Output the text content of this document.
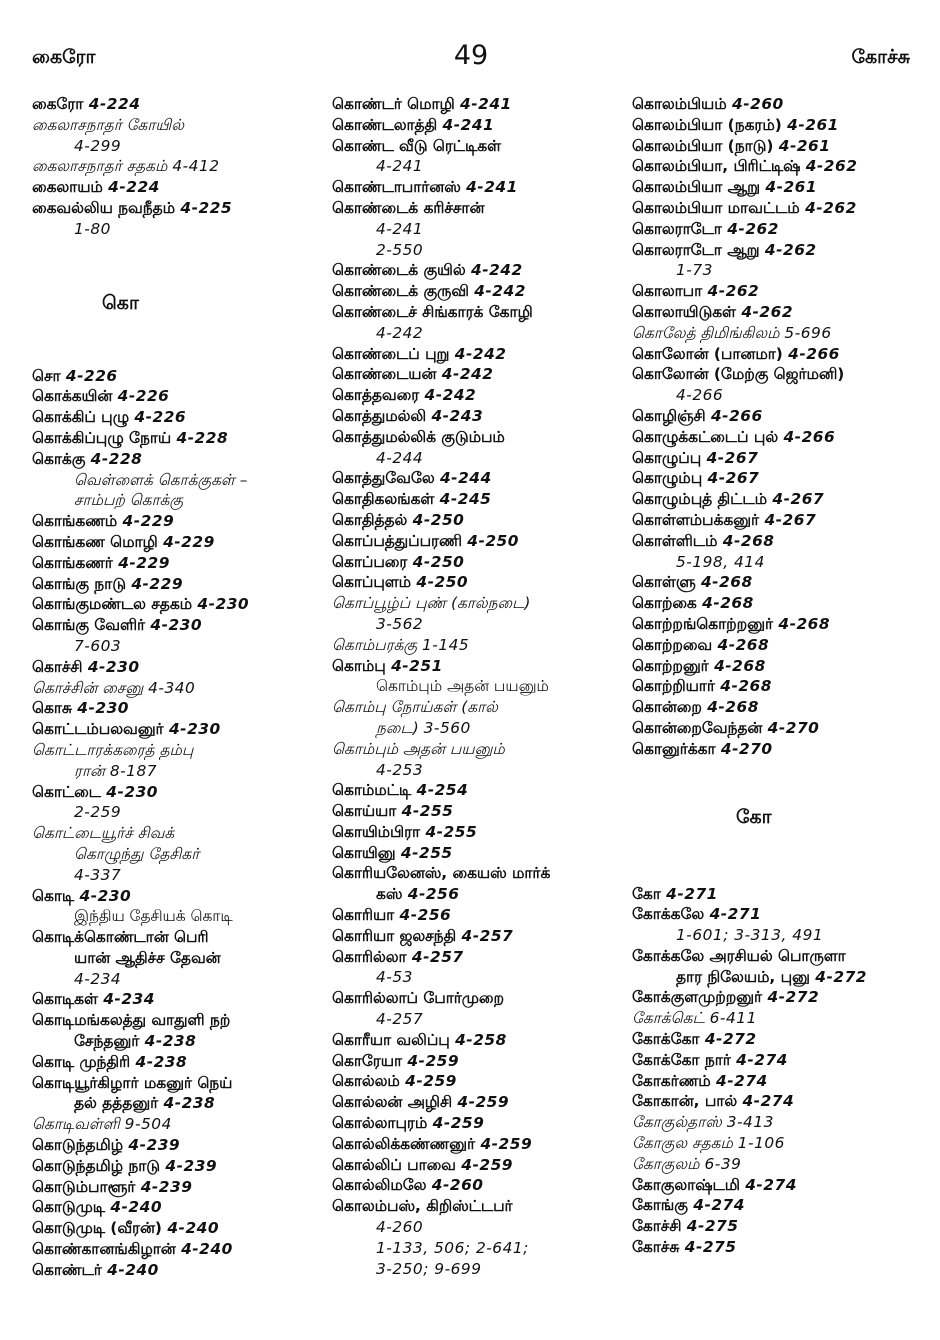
கைரோ	49	கோச்சு
கைரோ 4-224
கைலாசநாதர் கோயில்
4-299
கைலாசநாதர் சதகம் 4-412
கைலாயம் 4-224
கைவல்லிய நவநீதம் 4-225
1-80
கொ
சொ 4-226
கொக்கயின் 4-226
கொக்கிப் புழு 4-226
கொக்கிப்புழு நோய் 4-228
கொக்கு 4-228
வெள்ளைக் கொக்குகள் –
சாம்பற் கொக்கு
கொங்கணம் 4-229
கொங்கண மொழி 4-229
கொங்கணர் 4-229
கொங்கு நாடு 4-229
கொங்குமண்டல சதகம் 4-230
கொங்கு வேளிர் 4-230
7-603
கொச்சி 4-230
கொச்சின் சைனு 4-340
கொசு 4-230
கொட்டம்பலவனுர் 4-230
கொட்டாரக்கரைத் தம்பு
ரான் 8-187
கொட்டை 4-230
2-259
கொட்டையூர்ச் சிவக்
கொழுந்து தேசிகர்
4-337
கொடி 4-230
இந்திய தேசியக் கொடி
கொடிக்கொண்டான் பெரி
யான் ஆதிச்ச தேவன்
4-234
கொடிகள் 4-234
கொடிமங்கலத்து வாதுளி நற்
சேந்தனுர் 4-238
கொடி முந்திரி 4-238
கொடியூர்கிழார் மகனுர் நெய்
தல் தத்தனுர் 4-238
கொடிவள்ளி 9-504
கொடுந்தமிழ் 4-239
கொடுந்தமிழ் நாடு 4-239
கொடும்பாளூர் 4-239
கொடுமுடி 4-240
கொடுமுடி (வீரன்) 4-240
கொண்கானங்கிழான் 4-240
கொண்டர் 4-240
கொண்டர் மொழி 4-241
கொண்டலாத்தி 4-241
கொண்ட வீடு ரெட்டிகள்
4-241
கொண்டாபார்னஸ் 4-241
கொண்டைக் கரிச்சான்
4-241
2-550
கொண்டைக் குயில் 4-242
கொண்டைக் குருவி 4-242
கொண்டைச் சிங்காரக் கோழி
4-242
கொண்டைப் புறு 4-242
கொண்டையன் 4-242
கொத்தவரை 4-242
கொத்துமல்லி 4-243
கொத்துமல்லிக் குடும்பம்
4-244
கொத்துவேலே 4-244
கொதிகலங்கள் 4-245
கொதித்தல் 4-250
கொப்பத்துப்பரணி 4-250
கொப்பரை 4-250
கொப்புளம் 4-250
கொப்பூழ்ப் புண் (கால்நடை)
3-562
கொம்பரக்கு 1-145
கொம்பு 4-251
கொம்பும் அதன் பயனும்
கொம்பு நோய்கள் (கால்
நடை) 3-560
கொம்பும் அதன் பயனும்
4-253
கொம்மட்டி 4-254
கொய்யா 4-255
கொயிம்பிரா 4-255
கொயினு 4-255
கொரியலேனஸ், கையஸ் மார்க்
கஸ் 4-256
கொரியா 4-256
கொரியா ஜலசந்தி 4-257
கொரில்லா 4-257
4-53
கொரில்லாப் போர்முறை
4-257
கொரீயா வலிப்பு 4-258
கொரேயா 4-259
கொல்லம் 4-259
கொல்லன் அழிசி 4-259
கொல்லாபுரம் 4-259
கொல்லிக்கண்ணனுர் 4-259
கொல்லிப் பாவை 4-259
கொல்லிமலே 4-260
கொலம்பஸ், கிறிஸ்ட்டபர்
4-260
1-133, 506; 2-641;
3-250; 9-699
கொலம்பியம் 4-260
கொலம்பியா (நகரம்) 4-261
கொலம்பியா (நாடு) 4-261
கொலம்பியா, பிரிட்டிஷ் 4-262
கொலம்பியா ஆறு 4-261
கொலம்பியா மாவட்டம் 4-262
கொலராடோ 4-262
கொலராடோ ஆறு 4-262
1-73
கொலாபா 4-262
கொலாயிடுகள் 4-262
கொலேத் திமிங்கிலம் 5-696
கொலோன் (பானமா) 4-266
கொலோன் (மேற்கு ஜெர்மனி)
4-266
கொழிஞ்சி 4-266
கொழுக்கட்டைப் புல் 4-266
கொழுப்பு 4-267
கொழும்பு 4-267
கொழும்புத் திட்டம் 4-267
கொள்ளம்பக்கனுர் 4-267
கொள்ளிடம் 4-268
5-198, 414
கொள்ளு 4-268
கொற்கை 4-268
கொற்றங்கொற்றனுர் 4-268
கொற்றவை 4-268
கொற்றனுர் 4-268
கொற்றியார் 4-268
கொன்றை 4-268
கொன்றைவேந்தன் 4-270
கொனுர்க்கா 4-270
கோ
கோ 4-271
கோக்கலே 4-271
1-601; 3-313, 491
கோக்கலே அரசியல் பொருளா
தார நிலேயம், புனு 4-272
கோக்குளமுற்றனுர் 4-272
கோக்கெட் 6-411
கோக்கோ 4-272
கோக்கோ நார் 4-274
கோகர்ணம் 4-274
கோகான், பால் 4-274
கோகுல்தாஸ் 3-413
கோகுல சதகம் 1-106
கோகுலம் 6-39
கோகுலாஷ்டமி 4-274
கோங்கு 4-274
கோச்சி 4-275
கோச்சு 4-275
